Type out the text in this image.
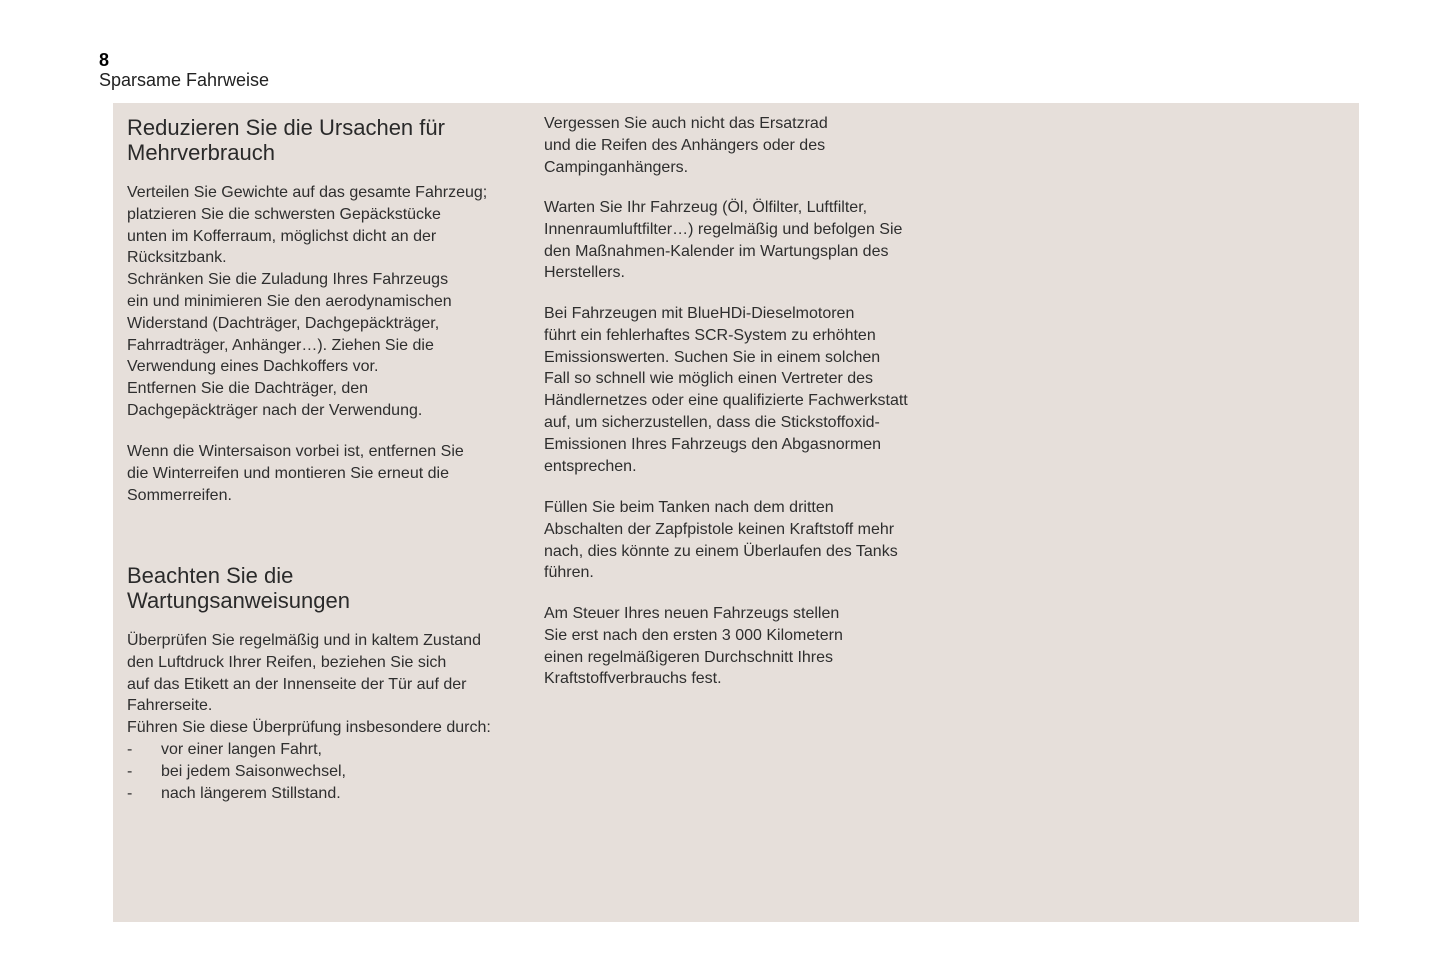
8
Sparsame Fahrweise
Reduzieren Sie die Ursachen für
Mehrverbrauch

Verteilen Sie Gewichte auf das gesamte Fahrzeug;
platzieren Sie die schwersten Gepäckstücke
unten im Kofferraum, möglichst dicht an der
Rücksitzbank.
Schränken Sie die Zuladung Ihres Fahrzeugs
ein und minimieren Sie den aerodynamischen
Widerstand (Dachträger, Dachgepäckträger,
Fahrradträger, Anhänger…). Ziehen Sie die
Verwendung eines Dachkoffers vor.
Entfernen Sie die Dachträger, den
Dachgepäckträger nach der Verwendung.

Wenn die Wintersaison vorbei ist, entfernen Sie
die Winterreifen und montieren Sie erneut die
Sommerreifen.

Beachten Sie die
Wartungsanweisungen

Überprüfen Sie regelmäßig und in kaltem Zustand
den Luftdruck Ihrer Reifen, beziehen Sie sich
auf das Etikett an der Innenseite der Tür auf der
Fahrerseite.
Führen Sie diese Überprüfung insbesondere durch:

- vor einer langen Fahrt,
- bei jedem Saisonwechsel,
- nach längerem Stillstand.

Vergessen Sie auch nicht das Ersatzrad
und die Reifen des Anhängers oder des
Campinganhängers.

Warten Sie Ihr Fahrzeug (Öl, Ölfilter, Luftfilter,
Innenraumluftfilter…) regelmäßig und befolgen Sie
den Maßnahmen-Kalender im Wartungsplan des
Herstellers.

Bei Fahrzeugen mit BlueHDi-Dieselmotoren
führt ein fehlerhaftes SCR-System zu erhöhten
Emissionswerten. Suchen Sie in einem solchen
Fall so schnell wie möglich einen Vertreter des
Händlernetzes oder eine qualifizierte Fachwerkstatt
auf, um sicherzustellen, dass die Stickstoffoxid-
Emissionen Ihres Fahrzeugs den Abgasnormen
entsprechen.

Füllen Sie beim Tanken nach dem dritten
Abschalten der Zapfpistole keinen Kraftstoff mehr
nach, dies könnte zu einem Überlaufen des Tanks
führen.

Am Steuer Ihres neuen Fahrzeugs stellen
Sie erst nach den ersten 3 000 Kilometern
einen regelmäßigeren Durchschnitt Ihres
Kraftstoffverbrauchs fest.
